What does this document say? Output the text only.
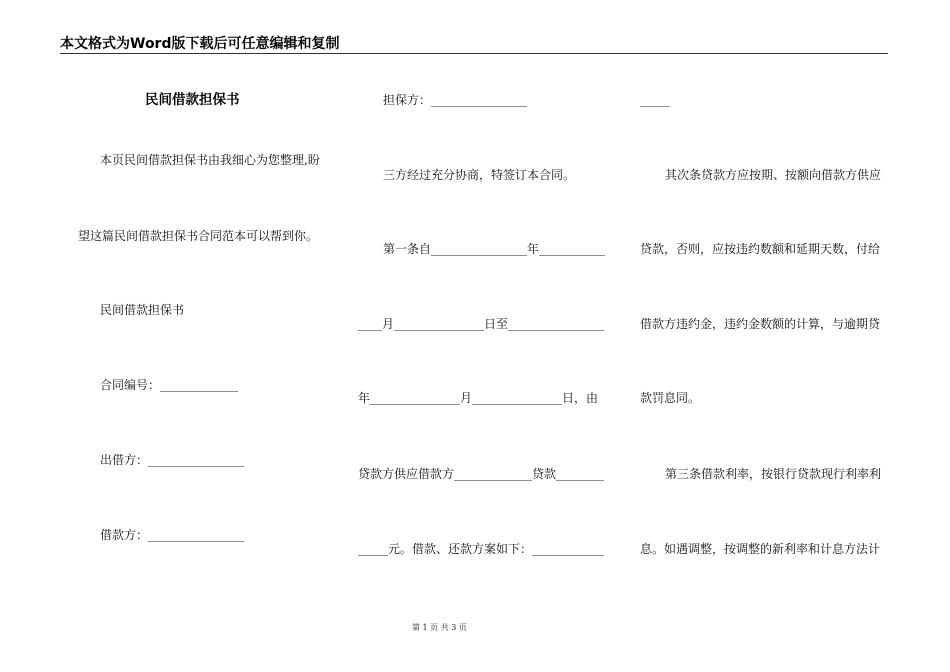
本文格式为Word版下载后可任意编辑和复制
民间借款担保书
本页民间借款担保书由我细心为您整理,盼
望这篇民间借款担保书合同范本可以帮到你。
民间借款担保书
合同编号：_____________
出借方：________________
借款方：________________
担保方：________________
三方经过充分协商，特签订本合同。
第一条自________________年___________
____月_______________日至________________
年_______________月_______________日，由
贷款方供应借款方_____________贷款________
_____元。借款、还款方案如下：____________
_____
其次条贷款方应按期、按额向借款方供应
贷款，否则，应按违约数额和延期天数，付给
借款方违约金，违约金数额的计算，与逾期贷
款罚息同。
第三条借款利率，按银行贷款现行利率利
息。如遇调整，按调整的新利率和计息方法计
第 1 页 共 3 页
